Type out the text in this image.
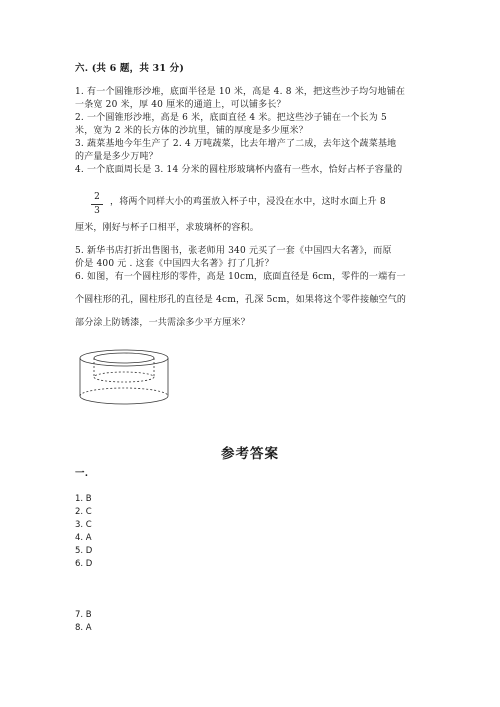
六. (共 6 题，共 31 分)
1. 有一个圆锥形沙堆，底面半径是 10 米，高是 4. 8 米，把这些沙子均匀地铺在
一条宽 20 米，厚 40 厘米的通道上，可以铺多长？
2. 一个圆锥形沙堆，高是 6 米，底面直径 4 米。把这些沙子铺在一个长为 5
米，宽为 2 米的长方体的沙坑里，铺的厚度是多少厘米？
3. 蔬菜基地今年生产了 2. 4 万吨蔬菜，比去年增产了二成，去年这个蔬菜基地
的产量是多少万吨？
4. 一个底面周长是 3. 14 分米的圆柱形玻璃杯内盛有一些水，恰好占杯子容量的
2
3
，将两个同样大小的鸡蛋放入杯子中，浸没在水中，这时水面上升 8
厘米，刚好与杯子口相平，求玻璃杯的容积。
5. 新华书店打折出售图书，张老师用 340 元买了一套《中国四大名著》，而原
价是 400 元 . 这套《中国四大名著》打了几折？
6. 如图，有一个圆柱形的零件，高是 10cm，底面直径是 6cm，零件的一端有一
个圆柱形的孔，圆柱形孔的直径是 4cm，孔深 5cm，如果将这个零件接触空气的
部分涂上防锈漆，一共需涂多少平方厘米？
参考答案
一.
1. B
2. C
3. C
4. A
5. D
6. D
7. B
8. A
